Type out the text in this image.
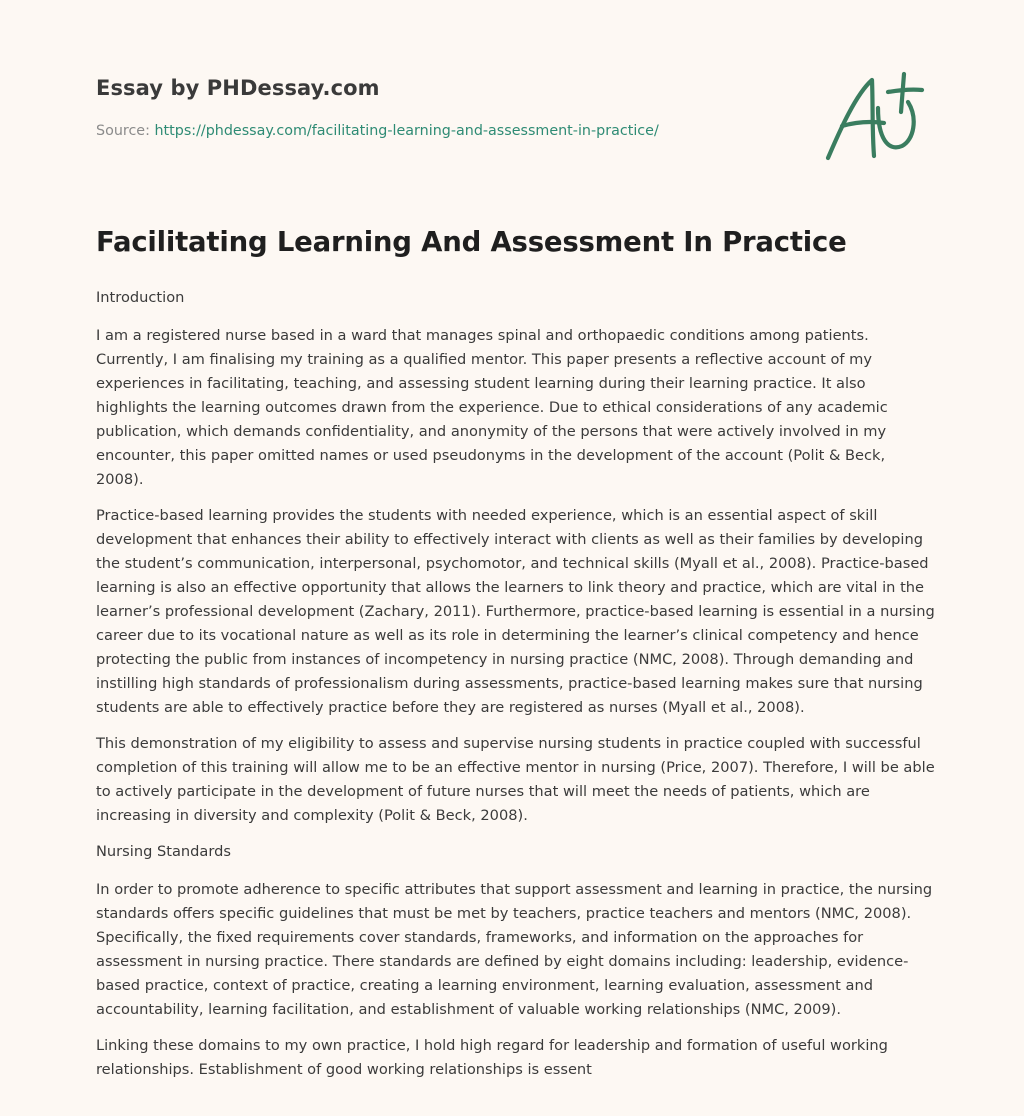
Essay by PHDessay.com
Source: https://phdessay.com/facilitating-learning-and-assessment-in-practice/
Facilitating Learning And Assessment In Practice

Introduction

I am a registered nurse based in a ward that manages spinal and orthopaedic conditions among patients. Currently, I am finalising my training as a qualified mentor. This paper presents a reflective account of my experiences in facilitating, teaching, and assessing student learning during their learning practice. It also highlights the learning outcomes drawn from the experience. Due to ethical considerations of any academic publication, which demands confidentiality, and anonymity of the persons that were actively involved in my encounter, this paper omitted names or used pseudonyms in the development of the account (Polit & Beck, 2008).

Practice-based learning provides the students with needed experience, which is an essential aspect of skill development that enhances their ability to effectively interact with clients as well as their families by developing the student’s communication, interpersonal, psychomotor, and technical skills (Myall et al., 2008). Practice-based learning is also an effective opportunity that allows the learners to link theory and practice, which are vital in the learner’s professional development (Zachary, 2011). Furthermore, practice-based learning is essential in a nursing career due to its vocational nature as well as its role in determining the learner’s clinical competency and hence protecting the public from instances of incompetency in nursing practice (NMC, 2008). Through demanding and instilling high standards of professionalism during assessments, practice-based learning makes sure that nursing students are able to effectively practice before they are registered as nurses (Myall et al., 2008).

This demonstration of my eligibility to assess and supervise nursing students in practice coupled with successful completion of this training will allow me to be an effective mentor in nursing (Price, 2007). Therefore, I will be able to actively participate in the development of future nurses that will meet the needs of patients, which are increasing in diversity and complexity (Polit & Beck, 2008).

Nursing Standards

In order to promote adherence to specific attributes that support assessment and learning in practice, the nursing standards offers specific guidelines that must be met by teachers, practice teachers and mentors (NMC, 2008). Specifically, the fixed requirements cover standards, frameworks, and information on the approaches for assessment in nursing practice. There standards are defined by eight domains including: leadership, evidence-based practice, context of practice, creating a learning environment, learning evaluation, assessment and accountability, learning facilitation, and establishment of valuable working relationships (NMC, 2009).

Linking these domains to my own practice, I hold high regard for leadership and formation of useful working relationships. Establishment of good working relationships is essent
